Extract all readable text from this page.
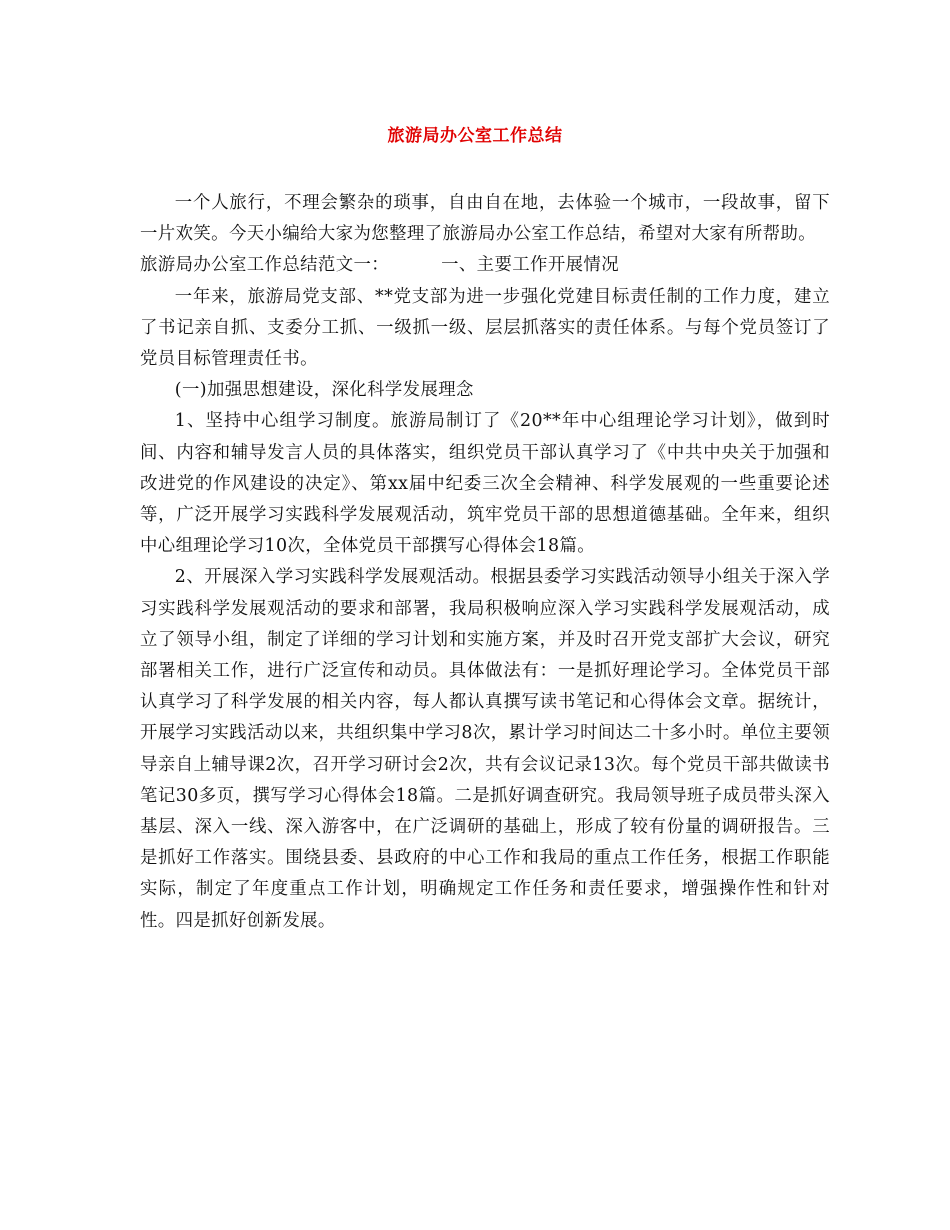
旅游局办公室工作总结

一个人旅行，不理会繁杂的琐事，自由自在地，去体验一个城市，一段故事，留下一片欢笑。今天小编给大家为您整理了旅游局办公室工作总结，希望对大家有所帮助。

旅游局办公室工作总结范文一：	一、主要工作开展情况

一年来，旅游局党支部、**党支部为进一步强化党建目标责任制的工作力度，建立了书记亲自抓、支委分工抓、一级抓一级、层层抓落实的责任体系。与每个党员签订了党员目标管理责任书。

(一)加强思想建设，深化科学发展理念

1、坚持中心组学习制度。旅游局制订了《20**年中心组理论学习计划》，做到时间、内容和辅导发言人员的具体落实，组织党员干部认真学习了《中共中央关于加强和改进党的作风建设的决定》、第xx届中纪委三次全会精神、科学发展观的一些重要论述等，广泛开展学习实践科学发展观活动，筑牢党员干部的思想道德基础。全年来，组织中心组理论学习10次，全体党员干部撰写心得体会18篇。

2、开展深入学习实践科学发展观活动。根据县委学习实践活动领导小组关于深入学习实践科学发展观活动的要求和部署，我局积极响应深入学习实践科学发展观活动，成立了领导小组，制定了详细的学习计划和实施方案，并及时召开党支部扩大会议，研究部署相关工作，进行广泛宣传和动员。具体做法有：一是抓好理论学习。全体党员干部认真学习了科学发展的相关内容，每人都认真撰写读书笔记和心得体会文章。据统计，开展学习实践活动以来，共组织集中学习8次，累计学习时间达二十多小时。单位主要领导亲自上辅导课2次，召开学习研讨会2次，共有会议记录13次。每个党员干部共做读书笔记30多页，撰写学习心得体会18篇。二是抓好调查研究。我局领导班子成员带头深入基层、深入一线、深入游客中，在广泛调研的基础上，形成了较有份量的调研报告。三是抓好工作落实。围绕县委、县政府的中心工作和我局的重点工作任务，根据工作职能实际，制定了年度重点工作计划，明确规定工作任务和责任要求，增强操作性和针对性。四是抓好创新发展。
